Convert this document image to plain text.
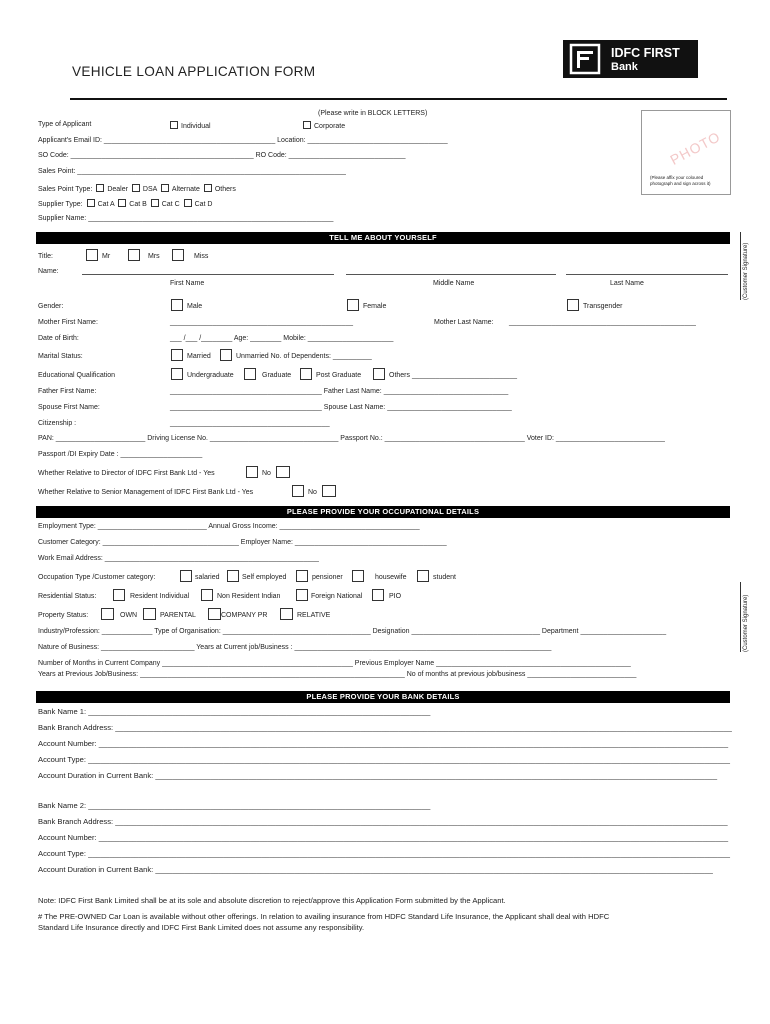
VEHICLE LOAN APPLICATION FORM
IDFC FIRST
Bank
(Please write in BLOCK LETTERS)
PHOTO
(Please affix your coloured
photograph and sign across it)
Type of Applicant	Individual	Corporate
Applicant's Email ID: ____________________________________________ Location: ____________________________________
SO Code: _______________________________________________ RO Code: ______________________________
Sales Point: _____________________________________________________________________
Sales Point Type: Dealer DSA Alternate Others
Supplier Type: Cat A Cat B Cat C Cat D
Supplier Name: _______________________________________________________________
TELL ME ABOUT YOURSELF
(Customer Signature)
(Customer Signature)
Title:	Mr	Mrs	Miss
Name:
First Name	Middle Name	Last Name
Gender:	Male	Female	Transgender
Mother First Name:	_______________________________________________	Mother Last Name: ________________________________________________
Date of Birth:	___ /___ /________ Age: ________ Mobile: ______________________
Marital Status:	Married	Unmarried No. of Dependents: __________
Educational Qualification	Undergraduate	Graduate	Post Graduate	Others ___________________________
Father First Name:	_______________________________________ Father Last Name: ________________________________
Spouse First Name:	_______________________________________ Spouse Last Name: ________________________________
Citizenship :	_________________________________________
PAN: _______________________ Driving License No. _________________________________ Passport No.: ____________________________________ Voter ID: ____________________________
Passport /DI Expiry Date : _____________________
Whether Relative to Director of IDFC First Bank Ltd - Yes	No
Whether Relative to Senior Management of IDFC First Bank Ltd - Yes	No
PLEASE PROVIDE YOUR OCCUPATIONAL DETAILS
Employment Type: ____________________________ Annual Gross Income: ____________________________________
Customer Category: ___________________________________ Employer Name: _______________________________________
Work Email Address: _______________________________________________________
Occupation Type /Customer category:	salaried	Self employed	pensioner	housewife	student
Residential Status:	Resident Individual	Non Resident Indian	Foreign National	PIO
Property Status:	OWN	PARENTAL	COMPANY PR	RELATIVE
Industry/Profession: _____________ Type of Organisation: ______________________________________ Designation _________________________________ Department ______________________
Nature of Business: ________________________ Years at Current job/Business : __________________________________________________________________
Number of Months in Current Company _________________________________________________ Previous Employer Name __________________________________________________
Years at Previous Job/Business: ____________________________________________________________________ No of months at previous job/business ____________________________
PLEASE PROVIDE YOUR BANK DETAILS
Bank Name 1: _________________________________________________________________________________
Bank Branch Address: __________________________________________________________________________________________________________________________________________________
Account Number: _____________________________________________________________________________________________________________________________________________________
Account Type: ________________________________________________________________________________________________________________________________________________________
Account Duration in Current Bank: _____________________________________________________________________________________________________________________________________
Bank Name 2: _________________________________________________________________________________
Bank Branch Address: _________________________________________________________________________________________________________________________________________________
Account Number: _____________________________________________________________________________________________________________________________________________________
Account Type: ________________________________________________________________________________________________________________________________________________________
Account Duration in Current Bank: ____________________________________________________________________________________________________________________________________
Note: IDFC First Bank Limited shall be at its sole and absolute discretion to reject/approve this Application Form submitted by the Applicant.
# The PRE-OWNED Car Loan is available without other offerings. In relation to availing insurance from HDFC Standard Life Insurance, the Applicant shall deal with HDFC
Standard Life Insurance directly and IDFC First Bank Limited does not assume any responsibility.
